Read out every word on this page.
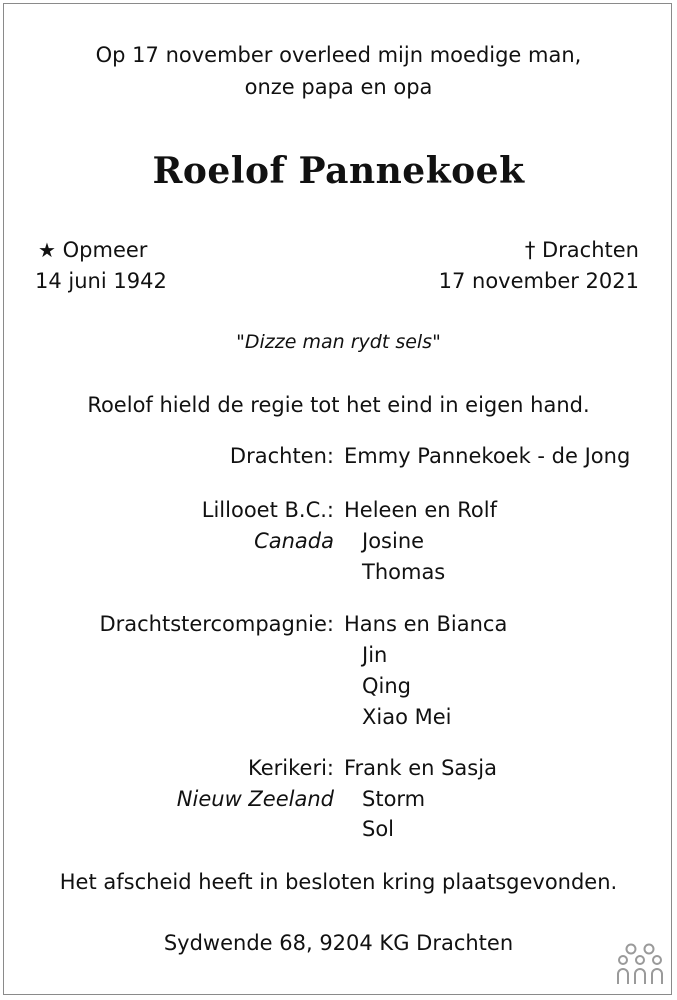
Op 17 november overleed mijn moedige man,
onze papa en opa
Roelof Pannekoek
★ Opmeer
14 juni 1942
† Drachten
17 november 2021
"Dizze man rydt sels"
Roelof hield de regie tot het eind in eigen hand.
Drachten: Emmy Pannekoek - de Jong
Lillooet B.C.:
Canada
Heleen en Rolf
Josine
Thomas
Drachtstercompagnie: Hans en Bianca
Jin
Qing
Xiao Mei
Kerikeri:
Nieuw Zeeland
Frank en Sasja
Storm
Sol
Het afscheid heeft in besloten kring plaatsgevonden.
Sydwende 68, 9204 KG Drachten
